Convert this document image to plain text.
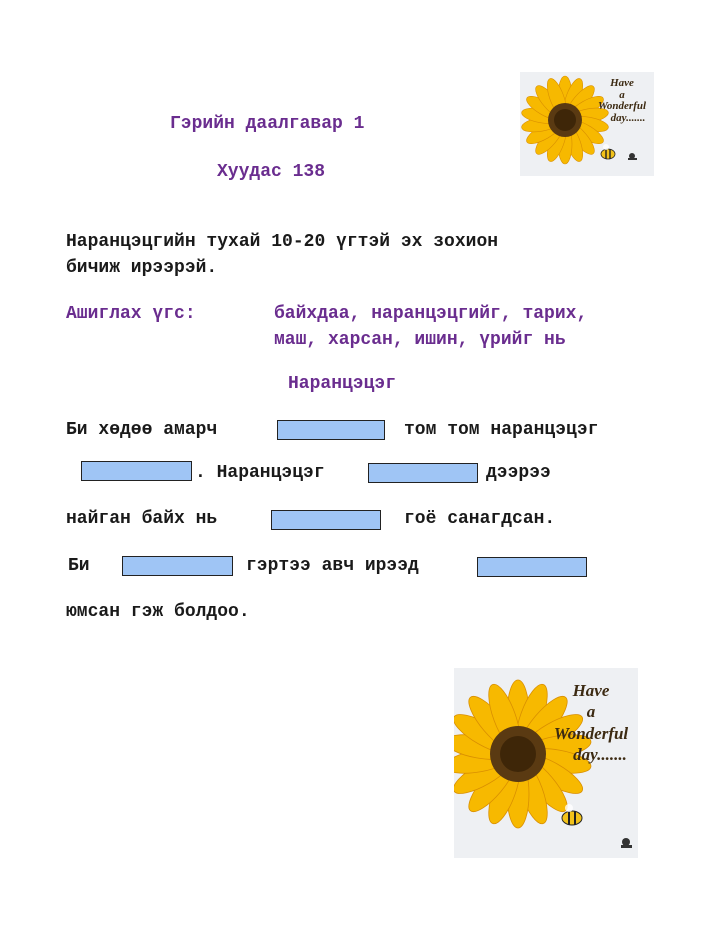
Гэрийн даалгавар 1
Хуудас 138
Наранцэцгийн тухай 10-20 үгтэй эх зохион
бичиж ирээрэй.
Ашиглах үгс:	байхдаа, наранцэцгийг, тарих,
маш, харсан, ишин, үрийг нь
Наранцэцэг
Би хөдөө амарч	том том наранцэцэг
. Наранцэцэг	дээрээ
найган байх нь	гоё санагдсан.
Би	гэртээ авч ирээд
юмсан гэж болдоо.
Have
a
Wonderful
day.......
Have
a
Wonderful
day.......
